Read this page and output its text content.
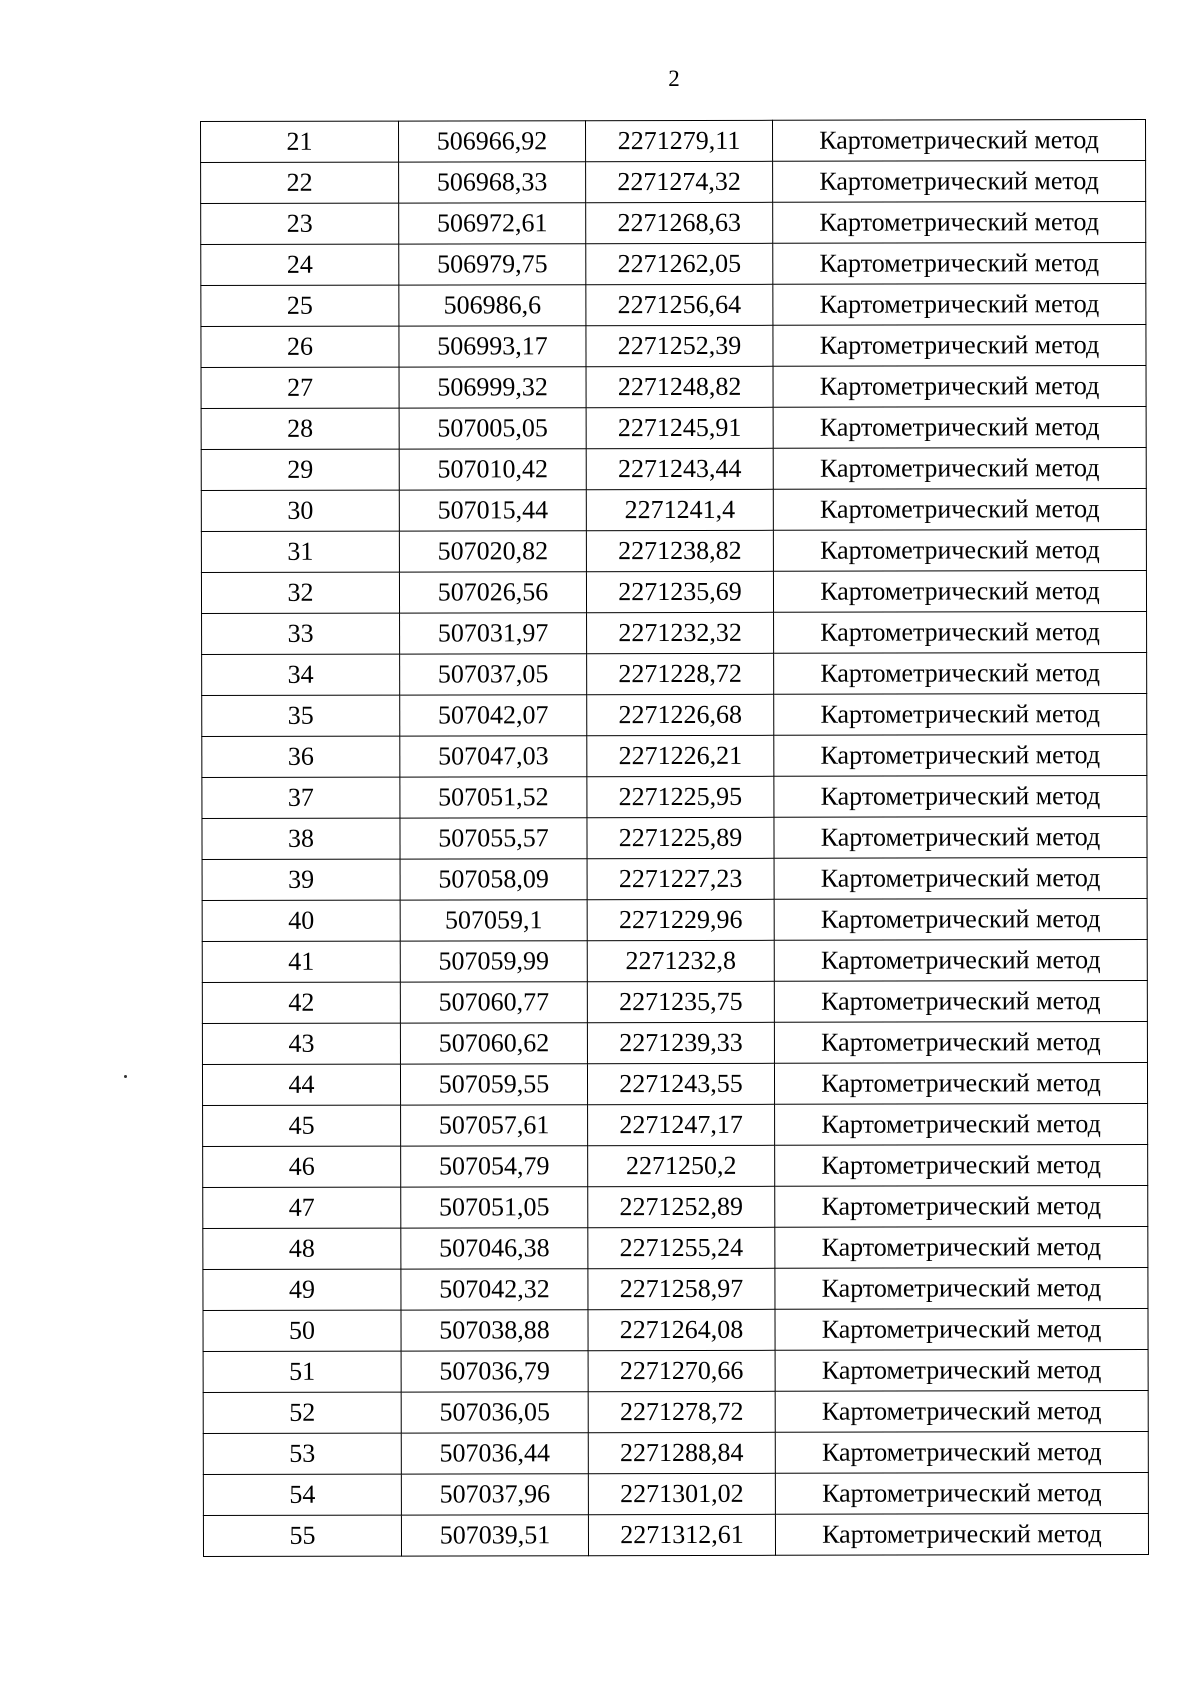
2
21	506966,92	2271279,11	Картометрический метод
22	506968,33	2271274,32	Картометрический метод
23	506972,61	2271268,63	Картометрический метод
24	506979,75	2271262,05	Картометрический метод
25	506986,6	2271256,64	Картометрический метод
26	506993,17	2271252,39	Картометрический метод
27	506999,32	2271248,82	Картометрический метод
28	507005,05	2271245,91	Картометрический метод
29	507010,42	2271243,44	Картометрический метод
30	507015,44	2271241,4	Картометрический метод
31	507020,82	2271238,82	Картометрический метод
32	507026,56	2271235,69	Картометрический метод
33	507031,97	2271232,32	Картометрический метод
34	507037,05	2271228,72	Картометрический метод
35	507042,07	2271226,68	Картометрический метод
36	507047,03	2271226,21	Картометрический метод
37	507051,52	2271225,95	Картометрический метод
38	507055,57	2271225,89	Картометрический метод
39	507058,09	2271227,23	Картометрический метод
40	507059,1	2271229,96	Картометрический метод
41	507059,99	2271232,8	Картометрический метод
42	507060,77	2271235,75	Картометрический метод
43	507060,62	2271239,33	Картометрический метод
44	507059,55	2271243,55	Картометрический метод
45	507057,61	2271247,17	Картометрический метод
46	507054,79	2271250,2	Картометрический метод
47	507051,05	2271252,89	Картометрический метод
48	507046,38	2271255,24	Картометрический метод
49	507042,32	2271258,97	Картометрический метод
50	507038,88	2271264,08	Картометрический метод
51	507036,79	2271270,66	Картометрический метод
52	507036,05	2271278,72	Картометрический метод
53	507036,44	2271288,84	Картометрический метод
54	507037,96	2271301,02	Картометрический метод
55	507039,51	2271312,61	Картометрический метод
